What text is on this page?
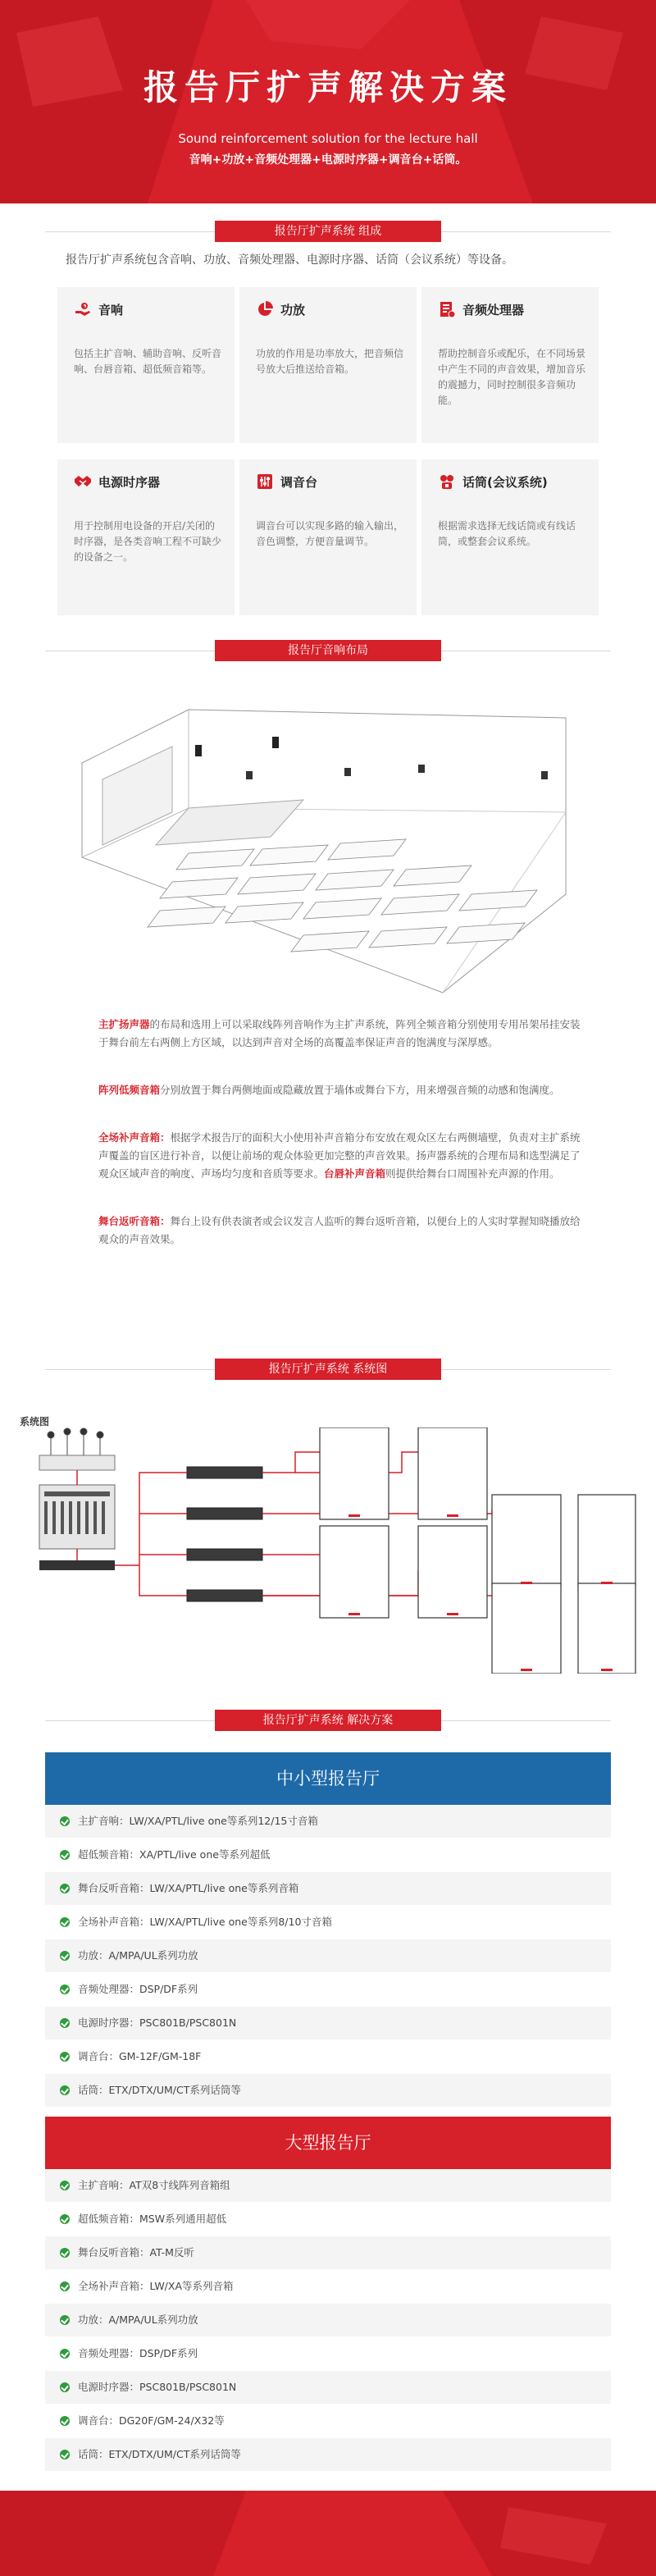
报告厅扩声解决方案
Sound reinforcement solution for the lecture hall
音响+功放+音频处理器+电源时序器+调音台+话筒。
报告厅扩声系统 组成
报告厅扩声系统包含音响、功放、音频处理器、电源时序器、话筒（会议系统）等设备。
音响
包括主扩音响、辅助音响、反听音响、台唇音箱、超低频音箱等。
功放
功放的作用是功率放大，把音频信号放大后推送给音箱。
音频处理器
帮助控制音乐或配乐，在不同场景中产生不同的声音效果，增加音乐的震撼力，同时控制很多音频功能。
电源时序器
用于控制用电设备的开启/关闭的时序器，是各类音响工程不可缺少的设备之一。
调音台
调音台可以实现多路的输入输出，音色调整，方便音量调节。
话筒(会议系统)
根据需求选择无线话筒或有线话筒，或整套会议系统。
报告厅音响布局
主扩扬声器的布局和选用上可以采取线阵列音响作为主扩声系统，阵列全频音箱分别使用专用吊架吊挂安装于舞台前左右两侧上方区域，以达到声音对全场的高覆盖率保证声音的饱满度与深厚感。
阵列低频音箱分别放置于舞台两侧地面或隐藏放置于墙体或舞台下方，用来增强音频的动感和饱满度。
全场补声音箱：根据学术报告厅的面积大小使用补声音箱分布安放在观众区左右两侧墙壁，负责对主扩系统声覆盖的盲区进行补音，以便让前场的观众体验更加完整的声音效果。扬声器系统的合理布局和选型满足了观众区域声音的响度、声场均匀度和音质等要求。台唇补声音箱则提供给舞台口周围补充声源的作用。
舞台返听音箱：舞台上设有供表演者或会议发言人监听的舞台返听音箱，以便台上的人实时掌握知晓播放给观众的声音效果。
报告厅扩声系统 系统图
系统图
报告厅扩声系统 解决方案
中小型报告厅
主扩音响：LW/XA/PTL/live one等系列12/15寸音箱
超低频音箱：XA/PTL/live one等系列超低
舞台反听音箱：LW/XA/PTL/live one等系列音箱
全场补声音箱：LW/XA/PTL/live one等系列8/10寸音箱
功放：A/MPA/UL系列功放
音频处理器：DSP/DF系列
电源时序器：PSC801B/PSC801N
调音台：GM-12F/GM-18F
话筒：ETX/DTX/UM/CT系列话筒等
大型报告厅
主扩音响：AT双8寸线阵列音箱组
超低频音箱：MSW系列通用超低
舞台反听音箱：AT-M反听
全场补声音箱：LW/XA等系列音箱
功放：A/MPA/UL系列功放
音频处理器：DSP/DF系列
电源时序器：PSC801B/PSC801N
调音台：DG20F/GM-24/X32等
话筒：ETX/DTX/UM/CT系列话筒等
